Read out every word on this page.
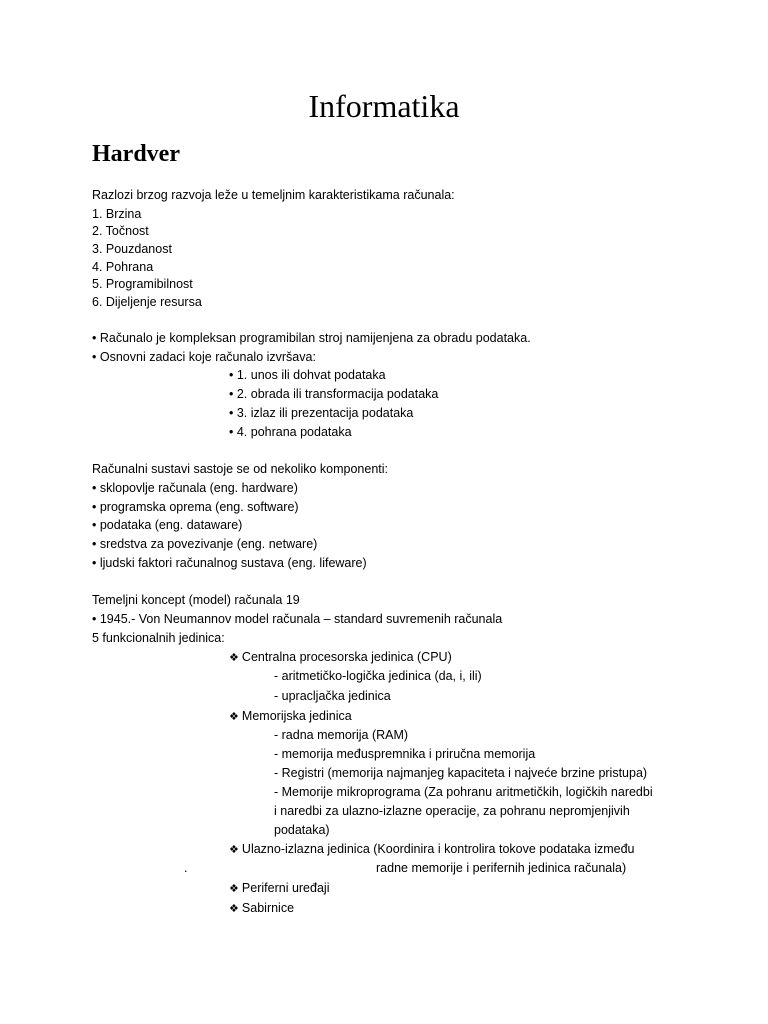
Informatika
Hardver
Razlozi brzog razvoja leže u temeljnim karakteristikama računala:
1. Brzina
2. Točnost
3. Pouzdanost
4. Pohrana
5. Programibilnost
6. Dijeljenje resursa
• Računalo je kompleksan programibilan stroj namijenjena za obradu podataka.
• Osnovni zadaci koje računalo izvršava:
• 1. unos ili dohvat podataka
• 2. obrada ili transformacija podataka
• 3. izlaz ili prezentacija podataka
• 4. pohrana podataka
Računalni sustavi sastoje se od nekoliko komponenti:
• sklopovlje računala (eng. hardware)
• programska oprema (eng. software)
• podataka (eng. dataware)
• sredstva za povezivanje (eng. netware)
• ljudski faktori računalnog sustava (eng. lifeware)
Temeljni koncept (model) računala 19
• 1945.- Von Neumannov model računala – standard suvremenih računala
5 funkcionalnih jedinica:
❖ Centralna procesorska jedinica (CPU)
- aritmetičko-logička jedinica (da, i, ili)
- upracljačka jedinica
❖ Memorijska jedinica
- radna memorija (RAM)
- memorija međuspremnika i priručna memorija
- Registri (memorija najmanjeg kapaciteta i najveće brzine pristupa)
- Memorije mikroprograma (Za pohranu aritmetičkih, logičkih naredbi
i naredbi za ulazno-izlazne operacije, za pohranu nepromjenjivih
podataka)
❖ Ulazno-izlazna jedinica (Koordinira i kontrolira tokove podataka između
.	radne memorije i perifernih jedinica računala)
❖ Periferni uređaji
❖ Sabirnice
